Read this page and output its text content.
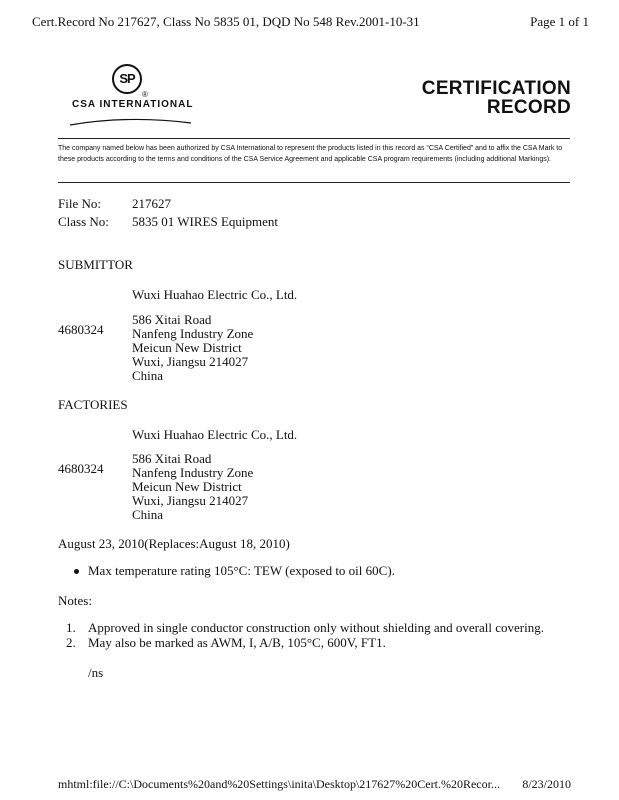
Cert.Record No 217627, Class No 5835 01, DQD No 548 Rev.2001-10-31	Page 1 of 1
SP
®
CSA INTERNATIONAL
CERTIFICATION
RECORD
The company named below has been authorized by CSA International to represent the products listed in this record as “CSA Certified” and to affix the CSA Mark to these products according to the terms and conditions of the CSA Service Agreement and applicable CSA program requirements (including additional Markings).
File No: 217627
Class No: 5835 01 WIRES Equipment
SUBMITTOR
Wuxi Huahao Electric Co., Ltd.
4680324
586 Xitai Road
Nanfeng Industry Zone
Meicun New District
Wuxi, Jiangsu 214027
China
FACTORIES
Wuxi Huahao Electric Co., Ltd.
4680324
586 Xitai Road
Nanfeng Industry Zone
Meicun New District
Wuxi, Jiangsu 214027
China
August 23, 2010(Replaces:August 18, 2010)
Max temperature rating 105°C: TEW (exposed to oil 60C).
Notes:
1. Approved in single conductor construction only without shielding and overall covering.
2. May also be marked as AWM, I, A/B, 105°C, 600V, FT1.
/ns
mhtml:file://C:\Documents%20and%20Settings\inita\Desktop\217627%20Cert.%20Recor... 8/23/2010
